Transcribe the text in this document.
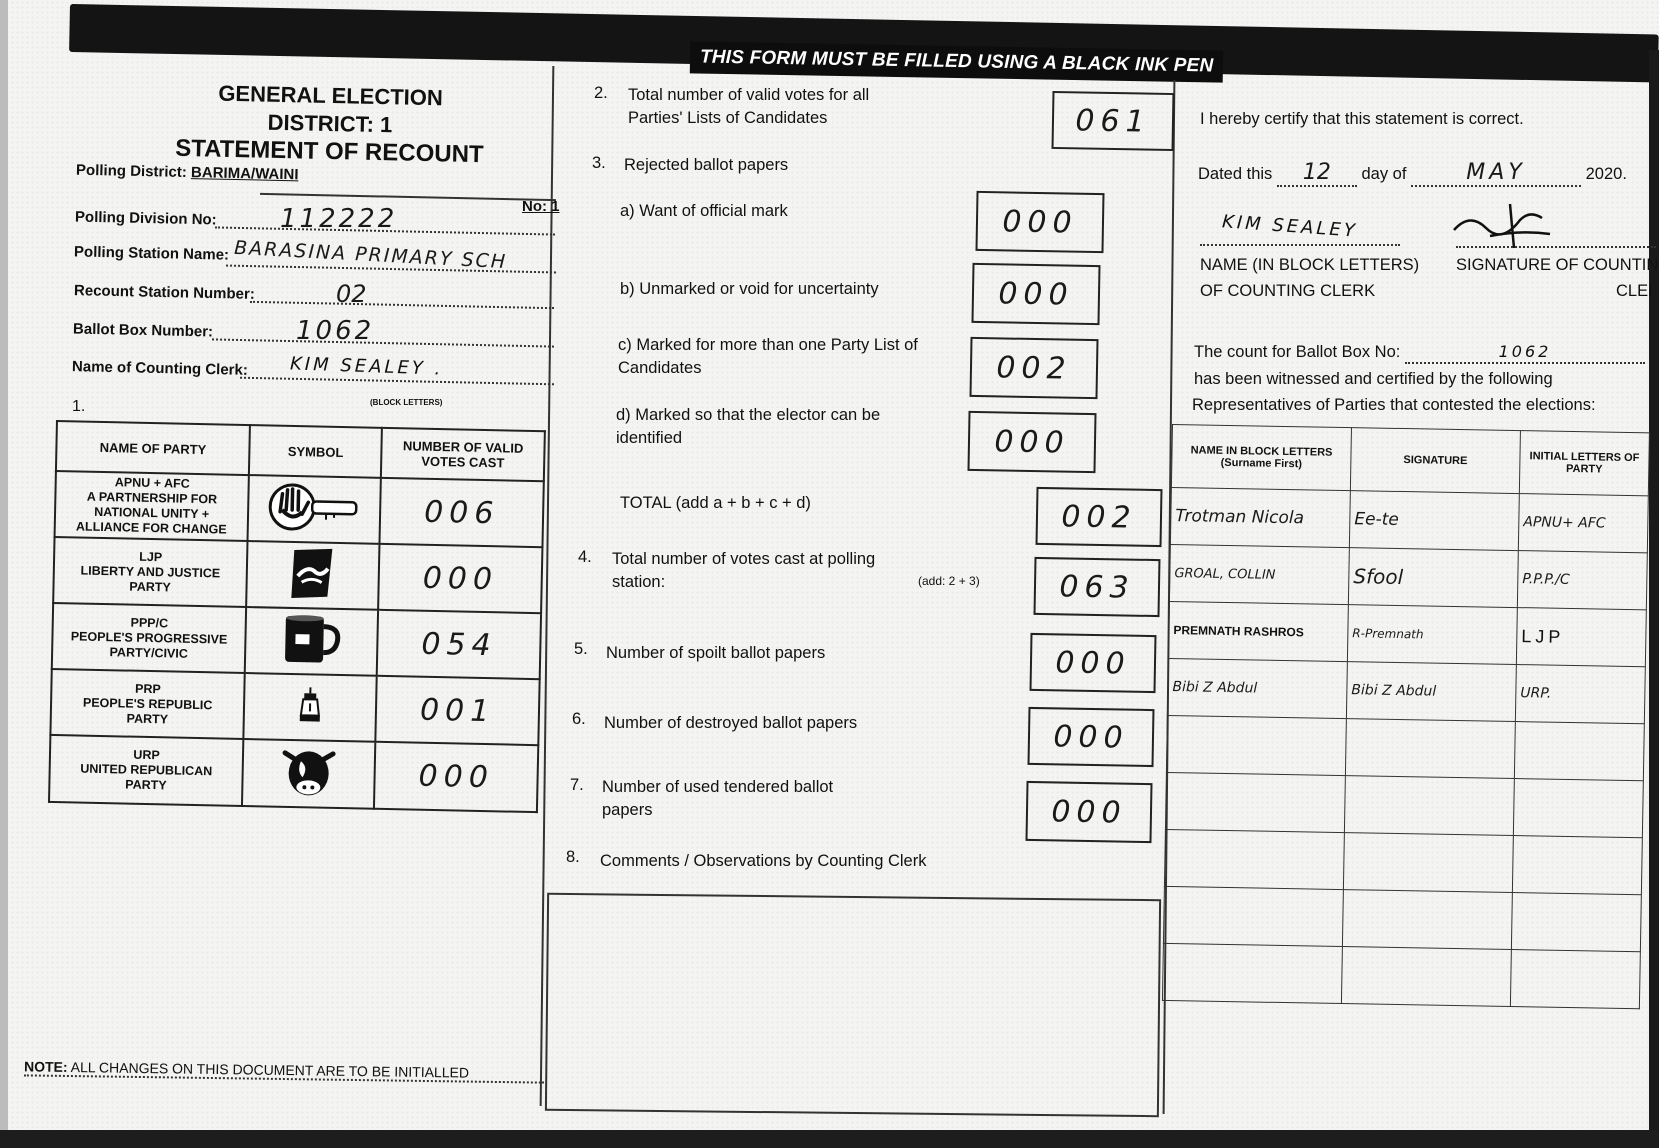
THIS FORM MUST BE FILLED USING A BLACK INK PEN
GENERAL ELECTION
DISTRICT: 1
STATEMENT OF RECOUNT
Polling District: BARIMA/WAINI
No: 1
Polling Division No: 112222
Polling Station Name: BARASINA PRIMARY SCH
Recount Station Number:	02
Ballot Box Number:	1062
Name of Counting Clerk: KIM SEALEY .
(BLOCK LETTERS)
1.
NAME OF PARTY	SYMBOL	NUMBER OF VALID VOTES CAST
APNU + AFC
A PARTNERSHIP FOR
NATIONAL UNITY +
ALLIANCE FOR CHANGE		006
LJP
LIBERTY AND JUSTICE
PARTY		000
PPP/C
PEOPLE'S PROGRESSIVE
PARTY/CIVIC		054
PRP
PEOPLE'S REPUBLIC
PARTY		001
URP
UNITED REPUBLICAN
PARTY		000
NOTE: ALL CHANGES ON THIS DOCUMENT ARE TO BE INITIALLED
2. Total number of valid votes for all Parties' Lists of Candidates	061
3. Rejected ballot papers
a) Want of official mark	000
b) Unmarked or void for uncertainty	000
c) Marked for more than one Party List of Candidates	002
d) Marked so that the elector can be identified	000
TOTAL (add a + b + c + d)	002
4. Total number of votes cast at polling station:	(add: 2 + 3)	063
5. Number of spoilt ballot papers	000
6. Number of destroyed ballot papers	000
7. Number of used tendered ballot papers	000
8. Comments / Observations by Counting Clerk
I hereby certify that this statement is correct.
Dated this 12 day of	MAY	2020.
KIM SEALEY
NAME (IN BLOCK LETTERS)
OF COUNTING CLERK
SIGNATURE OF COUNTIN
CLEI
The count for Ballot Box No:	1062
has been witnessed and certified by the following
Representatives of Parties that contested the elections:
NAME IN BLOCK LETTERS (Surname First)	SIGNATURE	INITIAL LETTERS OF PARTY
Trotman Nicola	Ee-te	APNU+ AFC
GROAL, COLLIN	Sfool	P.P.P./C
PREMNATH RASHROS	R-Premnath	LJP
Bibi Z Abdul	Bibi Z Abdul	URP.
